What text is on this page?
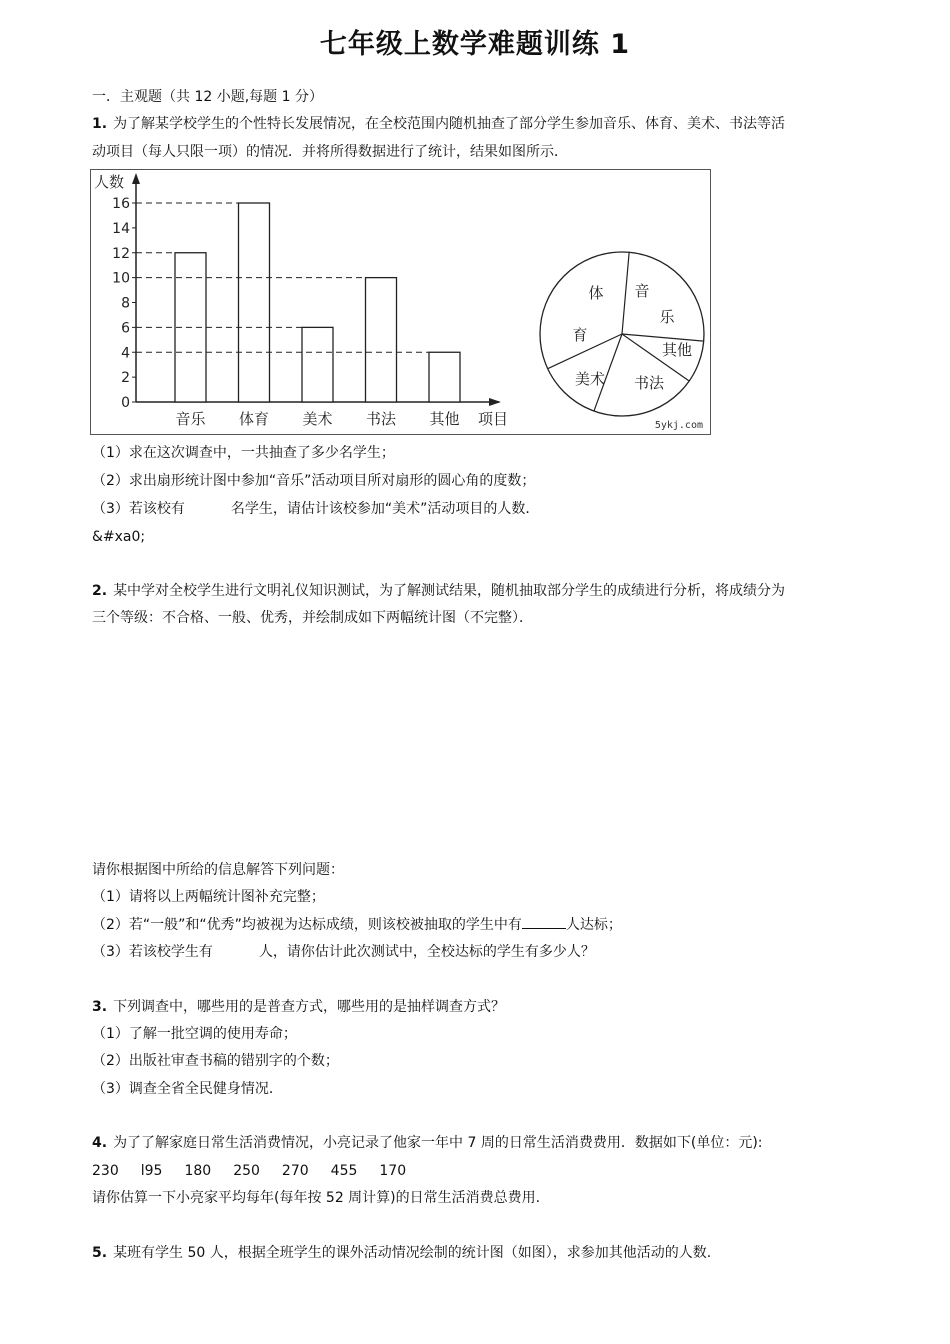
七年级上数学难题训练 1
一．主观题（共 12 小题,每题 1 分）
1. 为了解某学校学生的个性特长发展情况，在全校范围内随机抽查了部分学生参加音乐、体育、美术、书法等活
动项目（每人只限一项）的情况．并将所得数据进行了统计，结果如图所示．
人数
0
2
4
6
8
10
12
14
16
音乐 体育 美术 书法 其他 项目
音
乐
其他
书法
美术
体
育
5ykj.com
（1）求在这次调查中，一共抽查了多少名学生；
（2）求出扇形统计图中参加“音乐”活动项目所对扇形的圆心角的度数；
（3）若该校有	名学生，请估计该校参加“美术”活动项目的人数．
&#xa0;
2. 某中学对全校学生进行文明礼仪知识测试，为了解测试结果，随机抽取部分学生的成绩进行分析，将成绩分为
三个等级：不合格、一般、优秀，并绘制成如下两幅统计图（不完整）．
请你根据图中所给的信息解答下列问题：
（1）请将以上两幅统计图补充完整；
（2）若“一般”和“优秀”均被视为达标成绩，则该校被抽取的学生中有	人达标；
（3）若该校学生有	人，请你估计此次测试中，全校达标的学生有多少人？
3. 下列调查中，哪些用的是普查方式，哪些用的是抽样调查方式？
（1）了解一批空调的使用寿命；
（2）出版社审查书稿的错别字的个数；
（3）调查全省全民健身情况．
4. 为了了解家庭日常生活消费情况，小亮记录了他家一年中 7 周的日常生活消费费用．数据如下(单位：元):
230 l95 180 250 270 455 170
请你估算一下小亮家平均每年(每年按 52 周计算)的日常生活消费总费用.
5. 某班有学生 50 人，根据全班学生的课外活动情况绘制的统计图（如图），求参加其他活动的人数.
